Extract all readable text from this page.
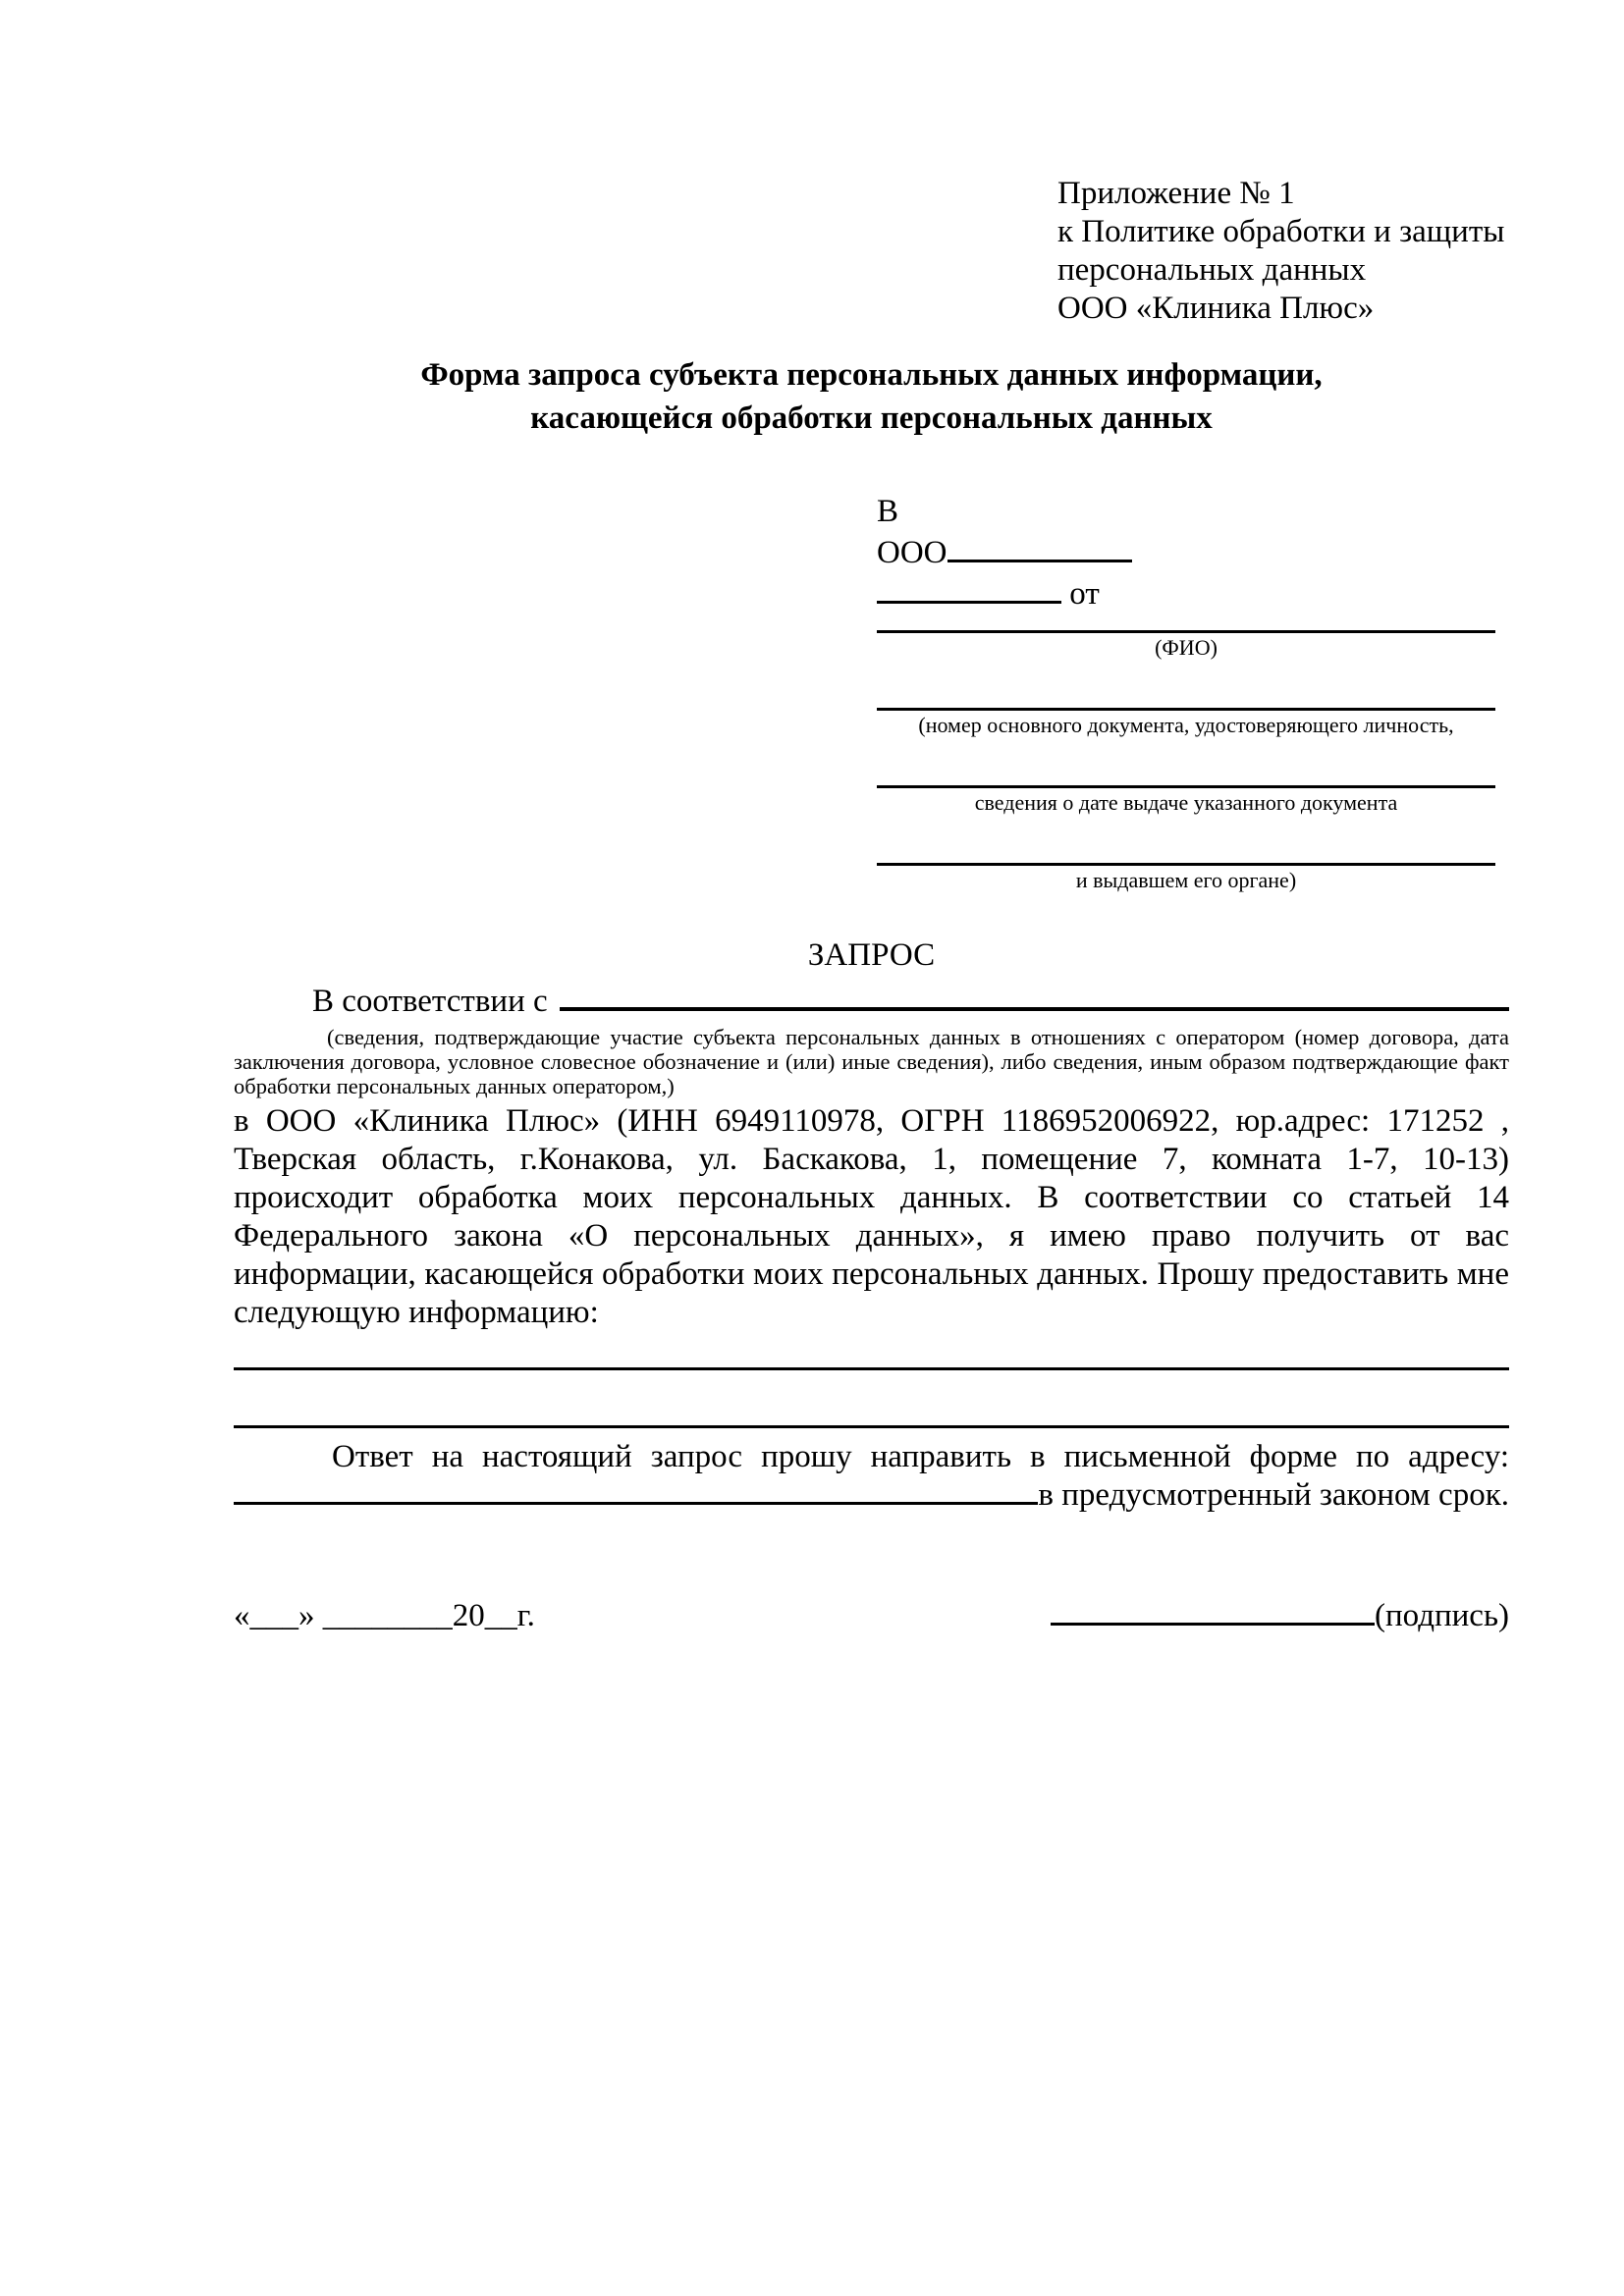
Приложение № 1
к Политике обработки и защиты
персональных данных
ООО «Клиника Плюс»
Форма запроса субъекта персональных данных информации,
касающейся обработки персональных данных
В
ООО
от
(ФИО)
(номер основного документа, удостоверяющего личность,
сведения о дате выдаче указанного документа
и выдавшем его органе)
ЗАПРОС
В соответствии с
(сведения, подтверждающие участие субъекта персональных данных в отношениях с оператором (номер договора, дата
заключения договора, условное словесное обозначение и (или) иные сведения), либо сведения, иным образом подтверждающие факт
обработки персональных данных оператором,)
в ООО «Клиника Плюс» (ИНН 6949110978, ОГРН 1186952006922, юр.адрес: 171252 ,
Тверская область, г.Конакова, ул. Баскакова, 1, помещение 7, комната 1-7, 10-13)
происходит обработка моих персональных данных. В соответствии со статьей 14
Федерального закона «О персональных данных», я имею право получить от вас
информации, касающейся обработки моих персональных данных. Прошу предоставить мне
следующую информацию:
Ответ на настоящий запрос прошу направить в письменной форме по адресу:
в предусмотренный законом срок.
«___» ________20__г.	(подпись)
